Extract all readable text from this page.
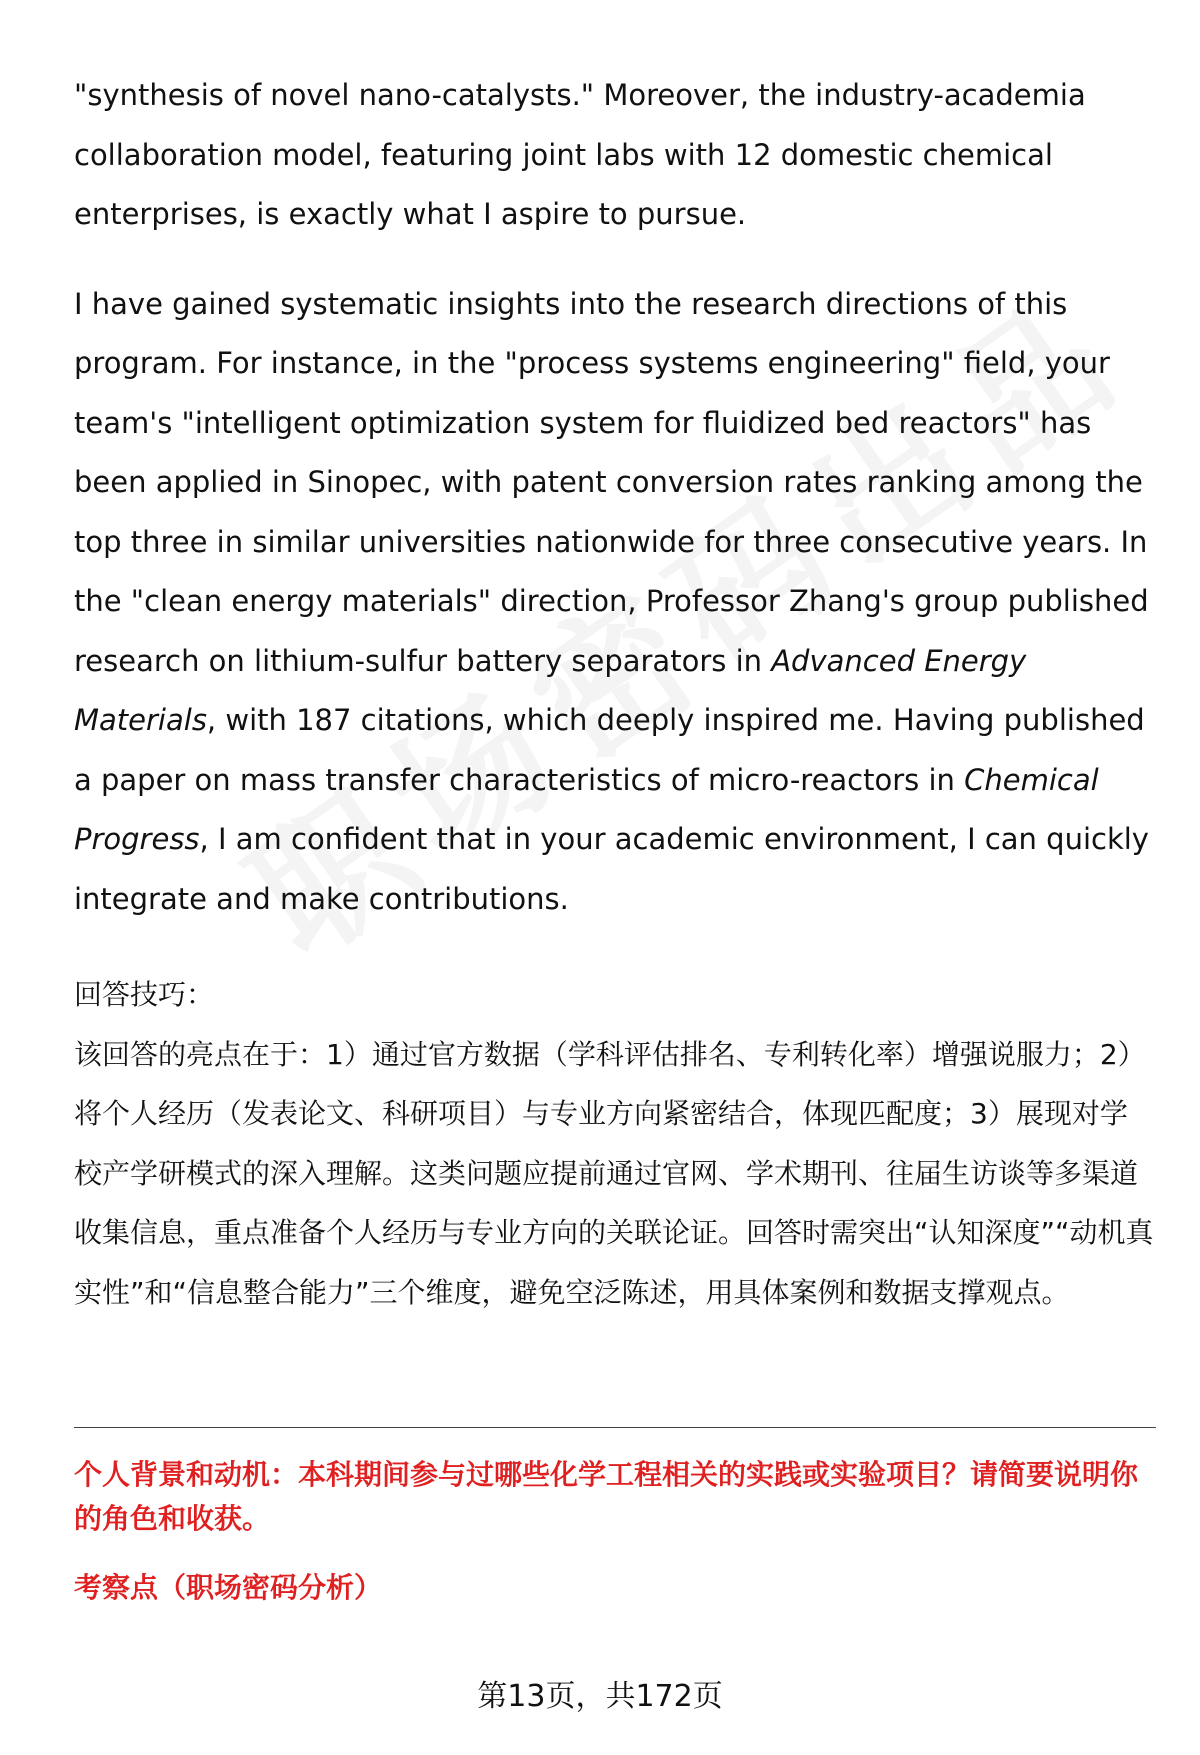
"synthesis of novel nano-catalysts." Moreover, the industry-academia collaboration model, featuring joint labs with 12 domestic chemical enterprises, is exactly what I aspire to pursue.

I have gained systematic insights into the research directions of this program. For instance, in the "process systems engineering" field, your team's "intelligent optimization system for fluidized bed reactors" has been applied in Sinopec, with patent conversion rates ranking among the top three in similar universities nationwide for three consecutive years. In the "clean energy materials" direction, Professor Zhang's group published research on lithium-sulfur battery separators in Advanced Energy Materials, with 187 citations, which deeply inspired me. Having published a paper on mass transfer characteristics of micro-reactors in Chemical Progress, I am confident that in your academic environment, I can quickly integrate and make contributions.

回答技巧：
该回答的亮点在于：1）通过官方数据（学科评估排名、专利转化率）增强说服力；2）将个人经历（发表论文、科研项目）与专业方向紧密结合，体现匹配度；3）展现对学校产学研模式的深入理解。这类问题应提前通过官网、学术期刊、往届生访谈等多渠道收集信息，重点准备个人经历与专业方向的关联论证。回答时需突出“认知深度”“动机真实性”和“信息整合能力”三个维度，避免空泛陈述，用具体案例和数据支撑观点。
个人背景和动机：本科期间参与过哪些化学工程相关的实践或实验项目？请简要说明你的角色和收获。
考察点（职场密码分析）
第13页，共172页
